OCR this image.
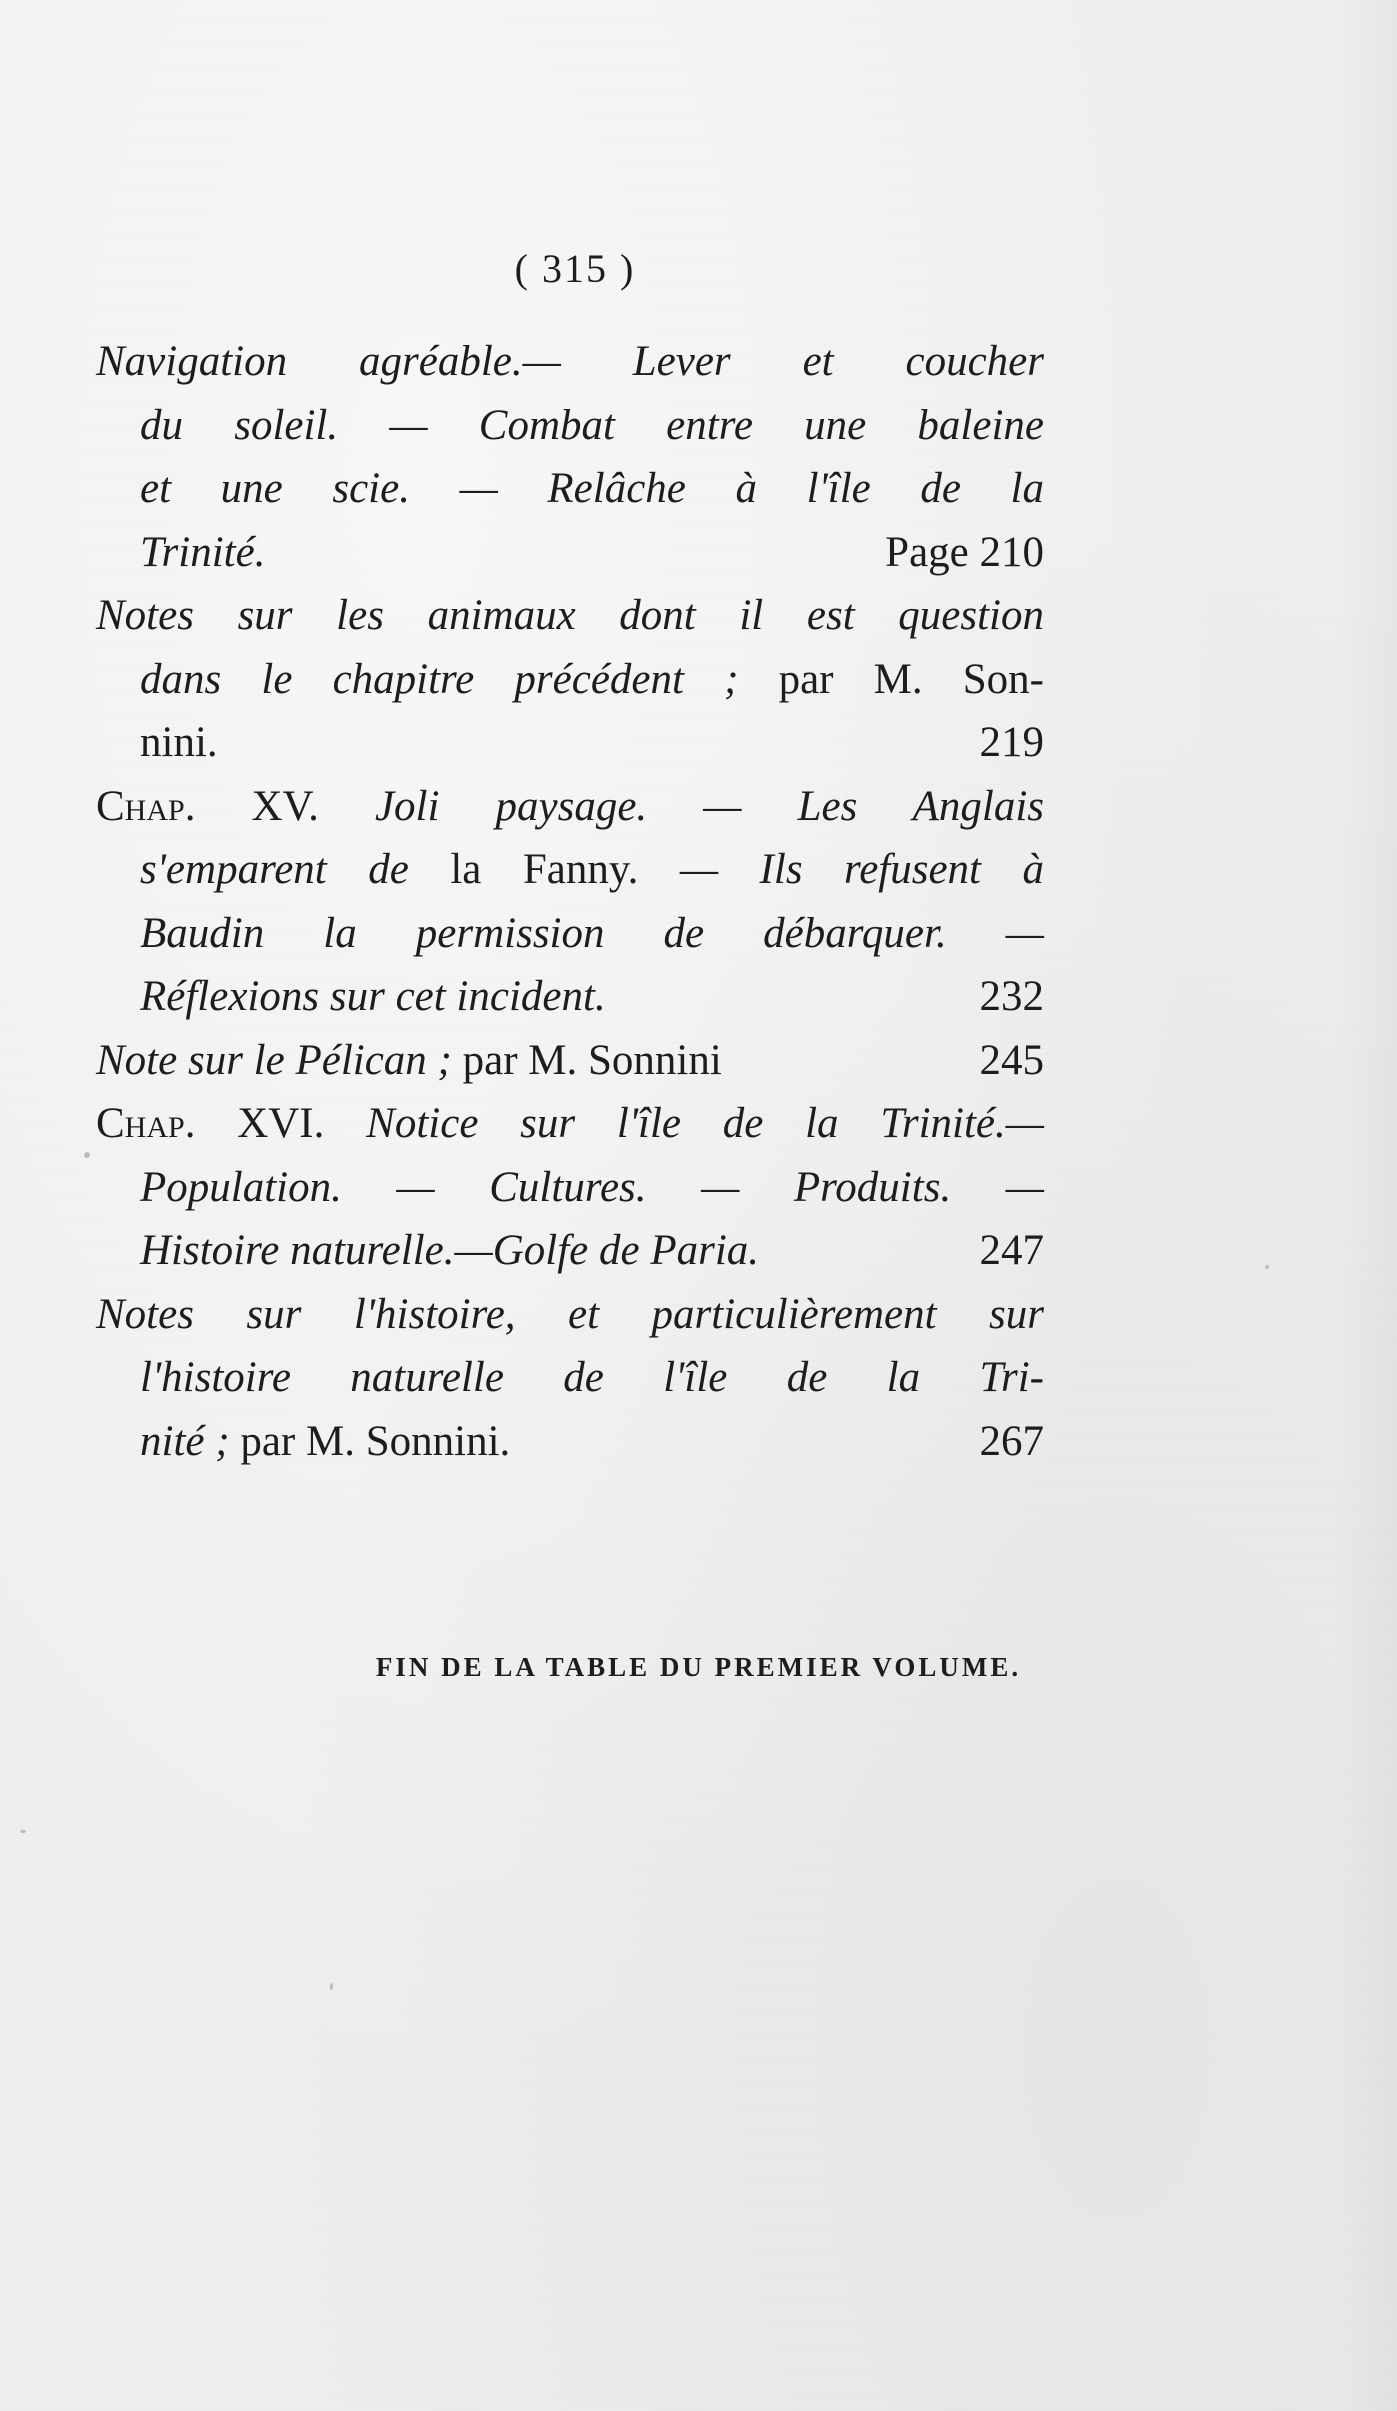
( 315 )
Navigation agréable.— Lever et coucher
du soleil. — Combat entre une baleine
et une scie. — Relâche à l'île de la
Trinité.	Page 210
Notes sur les animaux dont il est question
dans le chapitre précédent ; par M. Son-
nini.	219
Chap. XV. Joli paysage. — Les Anglais
s'emparent de la Fanny. — Ils refusent à
Baudin la permission de débarquer. —
Réflexions sur cet incident.	232
Note sur le Pélican ; par M. Sonnini	245
Chap. XVI. Notice sur l'île de la Trinité.—
Population. — Cultures. — Produits. —
Histoire naturelle.—Golfe de Paria.	247
Notes sur l'histoire, et particulièrement sur
l'histoire naturelle de l'île de la Tri-
nité ; par M. Sonnini.	267
FIN DE LA TABLE DU PREMIER VOLUME.
